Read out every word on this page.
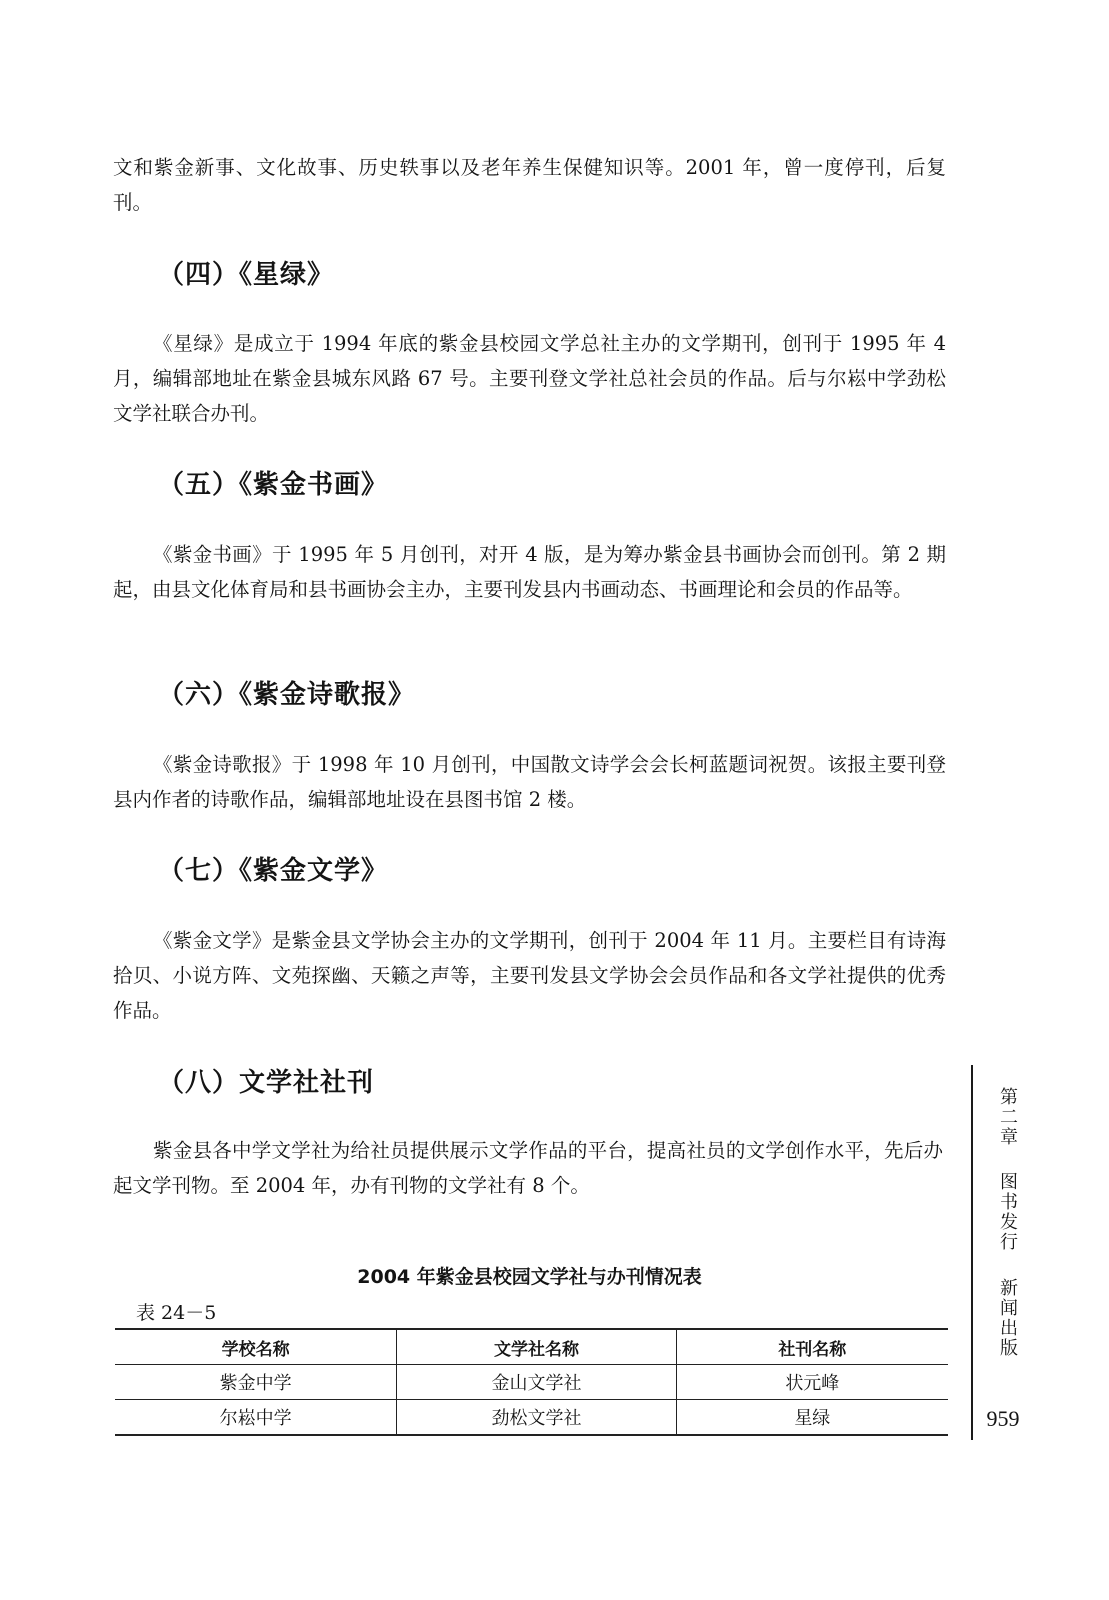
文和紫金新事、文化故事、历史轶事以及老年养生保健知识等。2001 年，曾一度停刊，后复刊。

（四）《星绿》

《星绿》是成立于 1994 年底的紫金县校园文学总社主办的文学期刊，创刊于 1995 年 4 月，编辑部地址在紫金县城东风路 67 号。主要刊登文学社总社会员的作品。后与尔崧中学劲松文学社联合办刊。

（五）《紫金书画》

《紫金书画》于 1995 年 5 月创刊，对开 4 版，是为筹办紫金县书画协会而创刊。第 2 期起，由县文化体育局和县书画协会主办，主要刊发县内书画动态、书画理论和会员的作品等。

（六）《紫金诗歌报》

《紫金诗歌报》于 1998 年 10 月创刊，中国散文诗学会会长柯蓝题词祝贺。该报主要刊登县内作者的诗歌作品，编辑部地址设在县图书馆 2 楼。

（七）《紫金文学》

《紫金文学》是紫金县文学协会主办的文学期刊，创刊于 2004 年 11 月。主要栏目有诗海拾贝、小说方阵、文苑探幽、天籁之声等，主要刊发县文学协会会员作品和各文学社提供的优秀作品。

（八）文学社社刊

紫金县各中学文学社为给社员提供展示文学作品的平台，提高社员的文学创作水平，先后办起文学刊物。至 2004 年，办有刊物的文学社有 8 个。

2004 年紫金县校园文学社与办刊情况表
表 24－5
学校名称	文学社名称	社刊名称
紫金中学	金山文学社	状元峰
尔崧中学	劲松文学社	星绿
第二章
图书发行
新闻出版
959
